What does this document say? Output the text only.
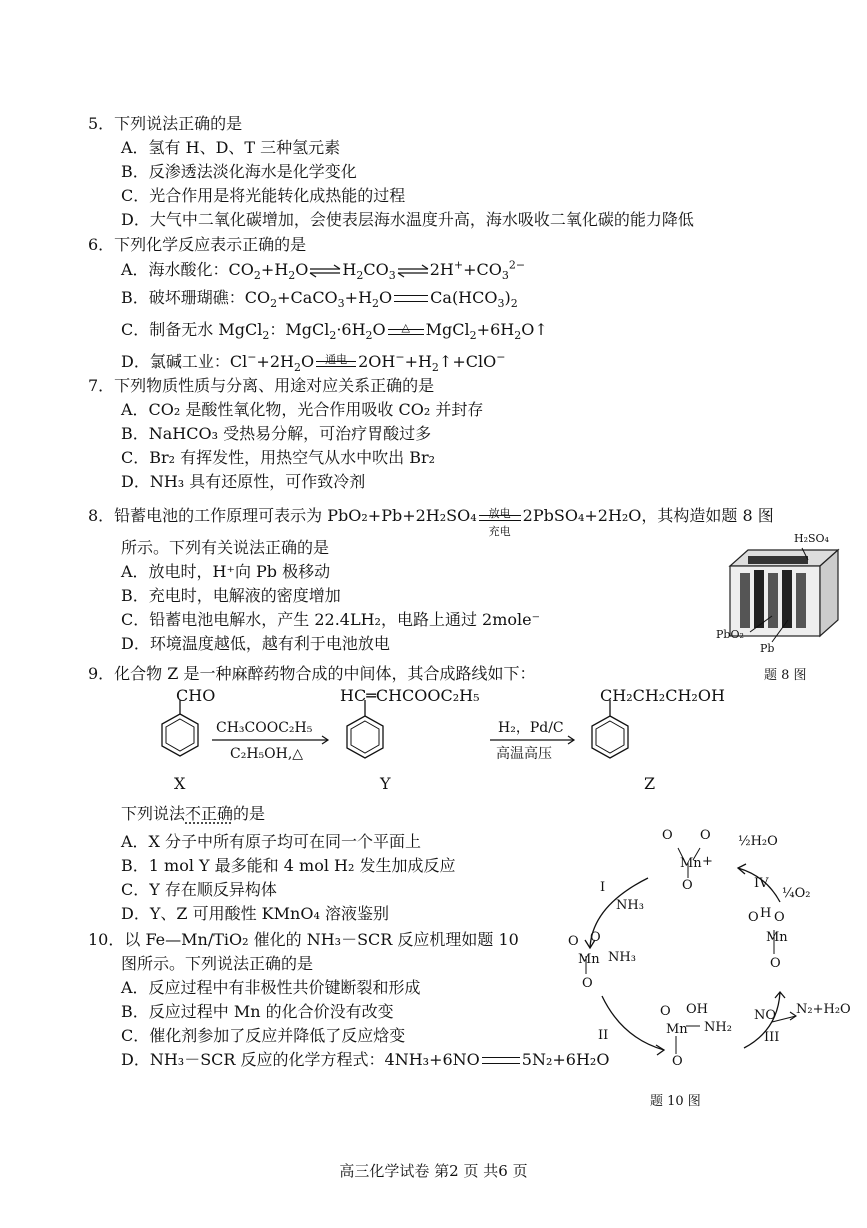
5．下列说法正确的是
A．氢有 H、D、T 三种氢元素
B．反渗透法淡化海水是化学变化
C．光合作用是将光能转化成热能的过程
D．大气中二氧化碳增加，会使表层海水温度升高，海水吸收二氧化碳的能力降低
6．下列化学反应表示正确的是
A．海水酸化：$CO_2+H_2O$ $H_2CO_3$ $2H^++CO_3^{2-}$
B．破坏珊瑚礁：$CO_2+CaCO_3+H_2O$ $Ca(HCO_3)_2$
C．制备无水 MgCl$_2$：$MgCl_2\cdot 6H_2O$	△ $MgCl_2+6H_2O↑$
D．氯碱工业：$Cl^-+2H_2O$	通电 $2OH^-+H_2↑+ClO^-$
7．下列物质性质与分离、用途对应关系正确的是
A．CO₂ 是酸性氧化物，光合作用吸收 CO₂ 并封存
B．NaHCO₃ 受热易分解，可治疗胃酸过多
C．Br₂ 有挥发性，用热空气从水中吹出 Br₂
D．NH₃ 具有还原性，可作致冷剂
8．铅蓄电池的工作原理可表示为 PbO₂+Pb+2H₂SO₄	放电
充电
2PbSO₄+2H₂O，其构造如题 8 图
所示。下列有关说法正确的是
A．放电时，H⁺向 Pb 极移动
B．充电时，电解液的密度增加
C．铅蓄电池电解水，产生 22.4LH₂，电路上通过 2mole⁻
D．环境温度越低，越有利于电池放电
H₂SO₄
PbO₂
Pb
题 8 图
9．化合物 Z 是一种麻醉药物合成的中间体，其合成路线如下：
CHO	HC═CHCOOC₂H₅	CH₂CH₂CH₂OH
CH₃COOC₂H₅
C₂H₅OH,△
H₂，Pd/C
高温高压
X	Y	Z
下列说法不正确的是
A．X 分子中所有原子均可在同一个平面上
B．1 mol Y 最多能和 4 mol H₂ 发生加成反应
C．Y 存在顺反异构体
D．Y、Z 可用酸性 KMnO₄ 溶液鉴别
10．以 Fe—Mn/TiO₂ 催化的 NH₃－SCR 反应机理如题 10
图所示。下列说法正确的是
A．反应过程中有非极性共价键断裂和形成
B．反应过程中 Mn 的化合价没有改变
C．催化剂参加了反应并降低了反应焓变
D．NH₃－SCR 反应的化学方程式：4NH₃+6NO	5N₂+6H₂O
O O
Mn +
O
½H₂O
IV
¼O₂
I
NH₃
O O
Mn NH₃
O
H
O O
Mn
O
N₂+H₂O
NO
III
O OH
Mn NH₂
O
II
题 10 图
高三化学试卷 第2 页 共6 页
